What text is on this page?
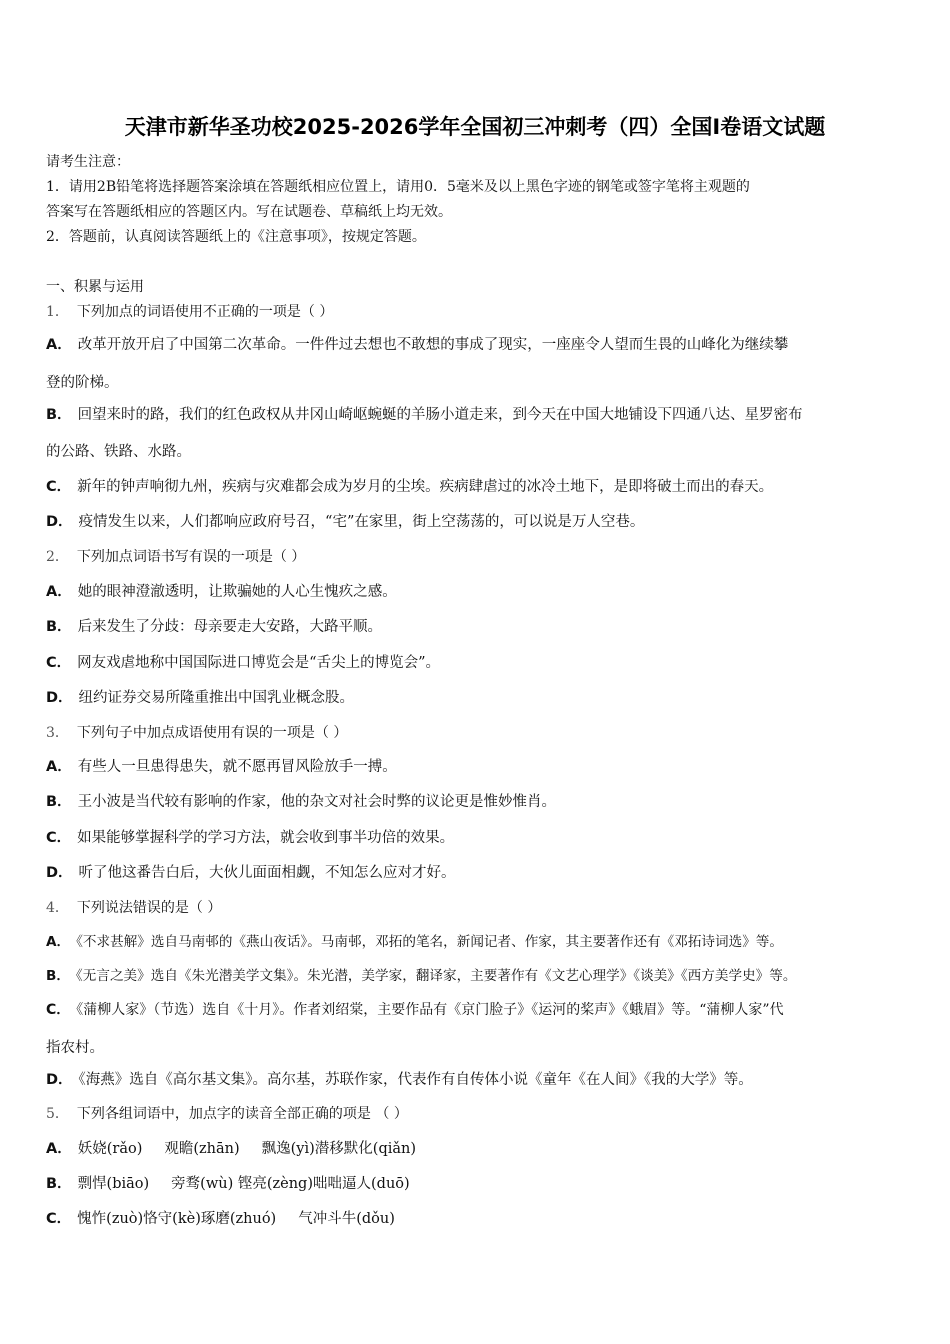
天津市新华圣功校2025-2026学年全国初三冲刺考（四）全国Ⅰ卷语文试题
请考生注意：
1．请用2B铅笔将选择题答案涂填在答题纸相应位置上，请用0．5毫米及以上黑色字迹的钢笔或签字笔将主观题的
答案写在答题纸相应的答题区内。写在试题卷、草稿纸上均无效。
2．答题前，认真阅读答题纸上的《注意事项》，按规定答题。
一、积累与运用
1． 下列加点的词语使用不正确的一项是（ ）
A． 改革开放开启了中国第二次革命。一件件过去想也不敢想的事成了现实，一座座令人望而生畏的山峰化为继续攀
登的阶梯。
B． 回望来时的路，我们的红色政权从井冈山崎岖蜿蜒的羊肠小道走来，到今天在中国大地铺设下四通八达、星罗密布
的公路、铁路、水路。
C． 新年的钟声响彻九州，疾病与灾难都会成为岁月的尘埃。疾病肆虐过的冰冷土地下，是即将破土而出的春天。
D． 疫情发生以来，人们都响应政府号召，“宅”在家里，街上空荡荡的，可以说是万人空巷。
2． 下列加点词语书写有误的一项是（ ）
A． 她的眼神澄澈透明，让欺骗她的人心生愧疚之感。
B． 后来发生了分歧：母亲要走大安路，大路平顺。
C． 网友戏虐地称中国国际进口博览会是“舌尖上的博览会”。
D． 纽约证券交易所隆重推出中国乳业概念股。
3． 下列句子中加点成语使用有误的一项是（ ）
A． 有些人一旦患得患失，就不愿再冒风险放手一搏。
B． 王小波是当代较有影响的作家，他的杂文对社会时弊的议论更是惟妙惟肖。
C． 如果能够掌握科学的学习方法，就会收到事半功倍的效果。
D． 听了他这番告白后，大伙儿面面相觑，不知怎么应对才好。
4． 下列说法错误的是（ ）
A． 《不求甚解》选自马南邨的《燕山夜话》。马南邨，邓拓的笔名，新闻记者、作家，其主要著作还有《邓拓诗词选》等。
B． 《无言之美》选自《朱光潜美学文集》。朱光潜，美学家，翻译家，主要著作有《文艺心理学》《谈美》《西方美学史》等。
C． 《蒲柳人家》（节选）选自《十月》。作者刘绍棠，主要作品有《京门脸子》《运河的桨声》《蛾眉》等。“蒲柳人家”代
指农村。
D． 《海燕》选自《高尔基文集》。高尔基，苏联作家，代表作有自传体小说《童年《在人间》《我的大学》等。
5． 下列各组词语中，加点字的读音全部正确的项是 （ ）
A． 妖娆(rǎo) 观瞻(zhān) 飘逸(yì)潜移默化(qiǎn)
B． 剽悍(biāo) 旁骛(wù) 铿亮(zèng)咄咄逼人(duō)
C． 愧怍(zuò)恪守(kè)琢磨(zhuó) 气冲斗牛(dǒu)
